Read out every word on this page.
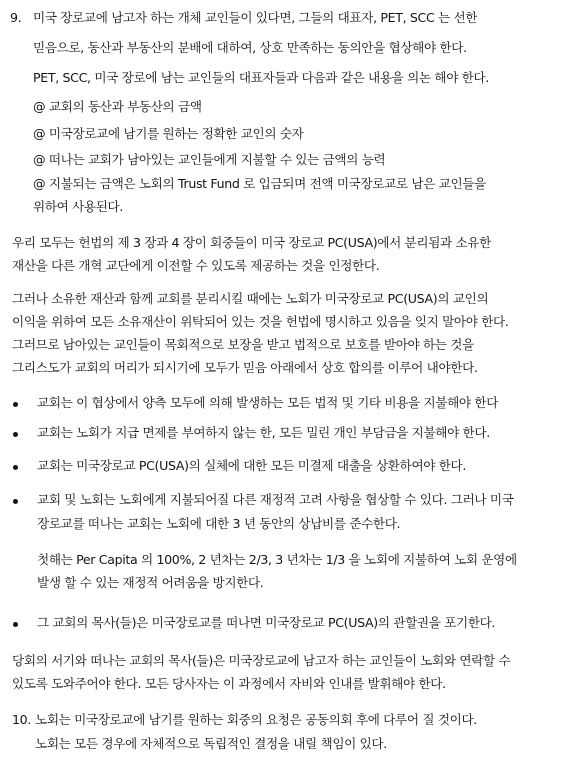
9. 미국 장로교에 남고자 하는 개체 교인들이 있다면, 그들의 대표자, PET, SCC 는 선한
믿음으로, 동산과 부동산의 분배에 대하여, 상호 만족하는 동의안을 협상해야 한다.
PET, SCC, 미국 장로에 남는 교인들의 대표자들과 다음과 같은 내용을 의논 해야 한다.
@ 교회의 동산과 부동산의 금액
@ 미국장로교에 남기를 원하는 정확한 교인의 숫자
@ 떠나는 교회가 남아있는 교인들에게 지불할 수 있는 금액의 능력
@ 지불되는 금액은 노회의 Trust Fund 로 입금되며 전액 미국장로교로 남은 교인들을
위하여 사용된다.
우리 모두는 헌법의 제 3 장과 4 장이 회중들이 미국 장로교 PC(USA)에서 분리됨과 소유한
재산을 다른 개혁 교단에게 이전할 수 있도록 제공하는 것을 인정한다.
그러나 소유한 재산과 함께 교회를 분리시킬 때에는 노회가 미국장로교 PC(USA)의 교인의
이익을 위하여 모든 소유재산이 위탁되어 있는 것을 헌법에 명시하고 있음을 잊지 말아야 한다.
그러므로 남아있는 교인들이 목회적으로 보장을 받고 법적으로 보호를 받아야 하는 것을
그리스도가 교회의 머리가 되시기에 모두가 믿음 아래에서 상호 합의를 이루어 내야한다.
교회는 이 협상에서 양측 모두에 의해 발생하는 모든 법적 및 기타 비용을 지불해야 한다
교회는 노회가 지급 면제를 부여하지 않는 한, 모든 밀린 개인 부담금을 지불해야 한다.
교회는 미국장로교 PC(USA)의 실체에 대한 모든 미결제 대출을 상환하여야 한다.
교회 및 노회는 노회에게 지불되어질 다른 재정적 고려 사항을 협상할 수 있다. 그러나 미국
장로교를 떠나는 교회는 노회에 대한 3 년 동안의 상납비를 준수한다.
첫해는 Per Capita 의 100%, 2 년차는 2/3, 3 년차는 1/3 을 노회에 지불하여 노회 운영에
발생 할 수 있는 재정적 어려움을 방지한다.
그 교회의 목사(들)은 미국장로교를 떠나면 미국장로교 PC(USA)의 관할권을 포기한다.
당회의 서기와 떠나는 교회의 목사(들)은 미국장로교에 남고자 하는 교인들이 노회와 연락할 수
있도록 도와주어야 한다. 모든 당사자는 이 과정에서 자비와 인내를 발휘해야 한다.
10. 노회는 미국장로교에 남기를 원하는 회중의 요청은 공동의회 후에 다루어 질 것이다.
노회는 모든 경우에 자체적으로 독립적인 결정을 내릴 책임이 있다.
